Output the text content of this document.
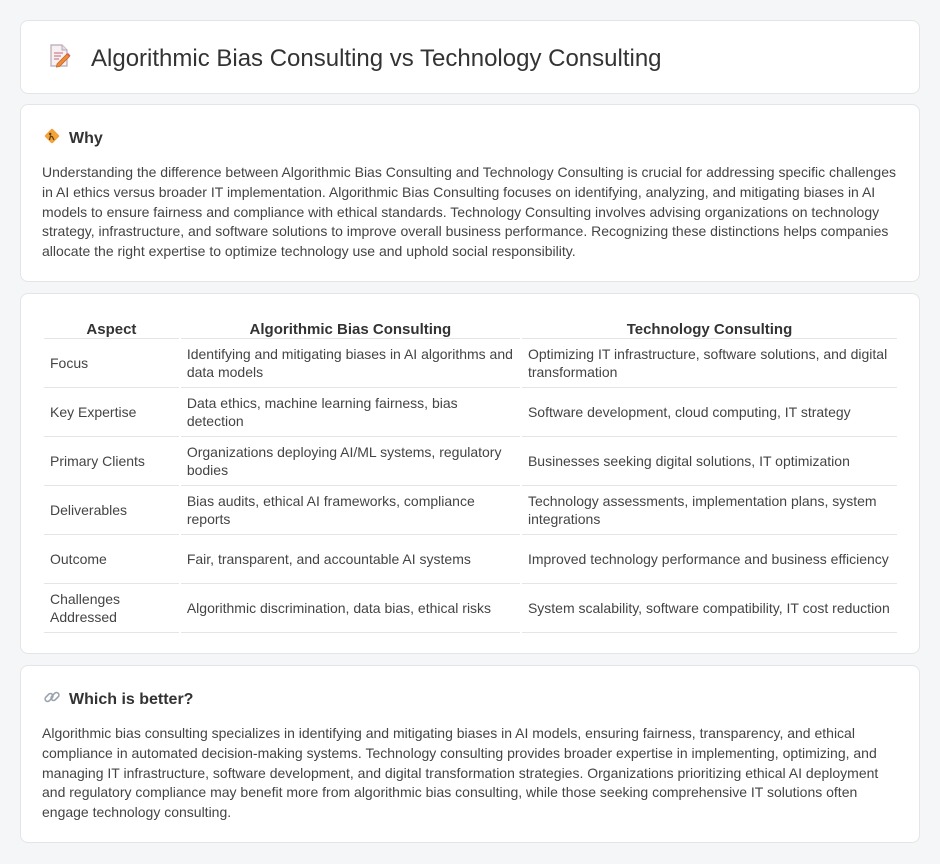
Algorithmic Bias Consulting vs Technology Consulting
Why

Understanding the difference between Algorithmic Bias Consulting and Technology Consulting is crucial for addressing specific challenges in AI ethics versus broader IT implementation. Algorithmic Bias Consulting focuses on identifying, analyzing, and mitigating biases in AI models to ensure fairness and compliance with ethical standards. Technology Consulting involves advising organizations on technology strategy, infrastructure, and software solutions to improve overall business performance. Recognizing these distinctions helps companies allocate the right expertise to optimize technology use and uphold social responsibility.

Aspect	Algorithmic Bias Consulting	Technology Consulting
Focus	Identifying and mitigating biases in AI algorithms and data models	Optimizing IT infrastructure, software solutions, and digital transformation
Key Expertise	Data ethics, machine learning fairness, bias detection	Software development, cloud computing, IT strategy
Primary Clients	Organizations deploying AI/ML systems, regulatory bodies	Businesses seeking digital solutions, IT optimization
Deliverables	Bias audits, ethical AI frameworks, compliance reports	Technology assessments, implementation plans, system integrations
Outcome	Fair, transparent, and accountable AI systems	Improved technology performance and business efficiency
Challenges Addressed	Algorithmic discrimination, data bias, ethical risks	System scalability, software compatibility, IT cost reduction
Which is better?

Algorithmic bias consulting specializes in identifying and mitigating biases in AI models, ensuring fairness, transparency, and ethical compliance in automated decision-making systems. Technology consulting provides broader expertise in implementing, optimizing, and managing IT infrastructure, software development, and digital transformation strategies. Organizations prioritizing ethical AI deployment and regulatory compliance may benefit more from algorithmic bias consulting, while those seeking comprehensive IT solutions often engage technology consulting.
